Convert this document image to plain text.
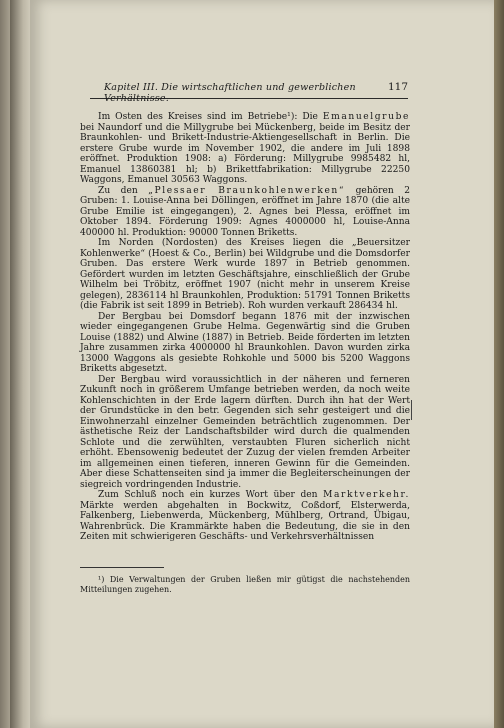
Kapitel III. Die wirtschaftlichen und gewerblichen Verhältnisse.
117

Im Osten des Kreises sind im Betriebe¹): Die Emanuelgrube bei Naundorf und die Millygrube bei Mückenberg, beide im Besitz der Braunkohlen- und Brikett-Industrie-Aktiengesellschaft in Berlin. Die erstere Grube wurde im November 1902, die andere im Juli 1898 eröffnet. Produktion 1908: a) Förderung: Millygrube 9985482 hl, Emanuel 13860381 hl; b) Brikettfabrikation: Millygrube 22250 Waggons, Emanuel 30563 Waggons.

Zu den „Plessaer Braunkohlenwerken“ gehören 2 Gruben: 1. Louise-Anna bei Döllingen, eröffnet im Jahre 1870 (die alte Grube Emilie ist eingegangen), 2. Agnes bei Plessa, eröffnet im Oktober 1894. Förderung 1909: Agnes 4000000 hl, Louise-Anna 400000 hl. Produktion: 90000 Tonnen Briketts.

Im Norden (Nordosten) des Kreises liegen die „Beuersitzer Kohlenwerke“ (Hoest & Co., Berlin) bei Wildgrube und die Domsdorfer Gruben. Das erstere Werk wurde 1897 in Betrieb genommen. Gefördert wurden im letzten Geschäftsjahre, einschließlich der Grube Wilhelm bei Tröbitz, eröffnet 1907 (nicht mehr in unserem Kreise gelegen), 2836114 hl Braunkohlen, Produktion: 51791 Tonnen Briketts (die Fabrik ist seit 1899 in Betrieb). Roh wurden verkauft 286434 hl.

Der Bergbau bei Domsdorf begann 1876 mit der inzwischen wieder eingegangenen Grube Helma. Gegenwärtig sind die Gruben Louise (1882) und Alwine (1887) in Betrieb. Beide förderten im letzten Jahre zusammen zirka 4000000 hl Braunkohlen. Davon wurden zirka 13000 Waggons als gesiebte Rohkohle und 5000 bis 5200 Waggons Briketts abgesetzt.

Der Bergbau wird voraussichtlich in der näheren und ferneren Zukunft noch in größerem Umfange betrieben werden, da noch weite Kohlenschichten in der Erde lagern dürften. Durch ihn hat der Wert der Grundstücke in den betr. Gegenden sich sehr gesteigert und die Einwohnerzahl einzelner Gemeinden beträchtlich zugenommen. Der ästhetische Reiz der Landschaftsbilder wird durch die qualmenden Schlote und die zerwühlten, verstaubten Fluren sicherlich nicht erhöht. Ebensowenig bedeutet der Zuzug der vielen fremden Arbeiter im allgemeinen einen tieferen, inneren Gewinn für die Gemeinden. Aber diese Schattenseiten sind ja immer die Begleiterscheinungen der siegreich vordringenden Industrie.

Zum Schluß noch ein kurzes Wort über den Marktverkehr. Märkte werden abgehalten in Bockwitz, Coßdorf, Elsterwerda, Falkenberg, Liebenwerda, Mückenberg, Mühlberg, Ortrand, Übigau, Wahrenbrück. Die Krammärkte haben die Bedeutung, die sie in den Zeiten mit schwierigeren Geschäfts- und Verkehrsverhältnissen

¹) Die Verwaltungen der Gruben ließen mir gütigst die nachstehenden Mitteilungen zugehen.
